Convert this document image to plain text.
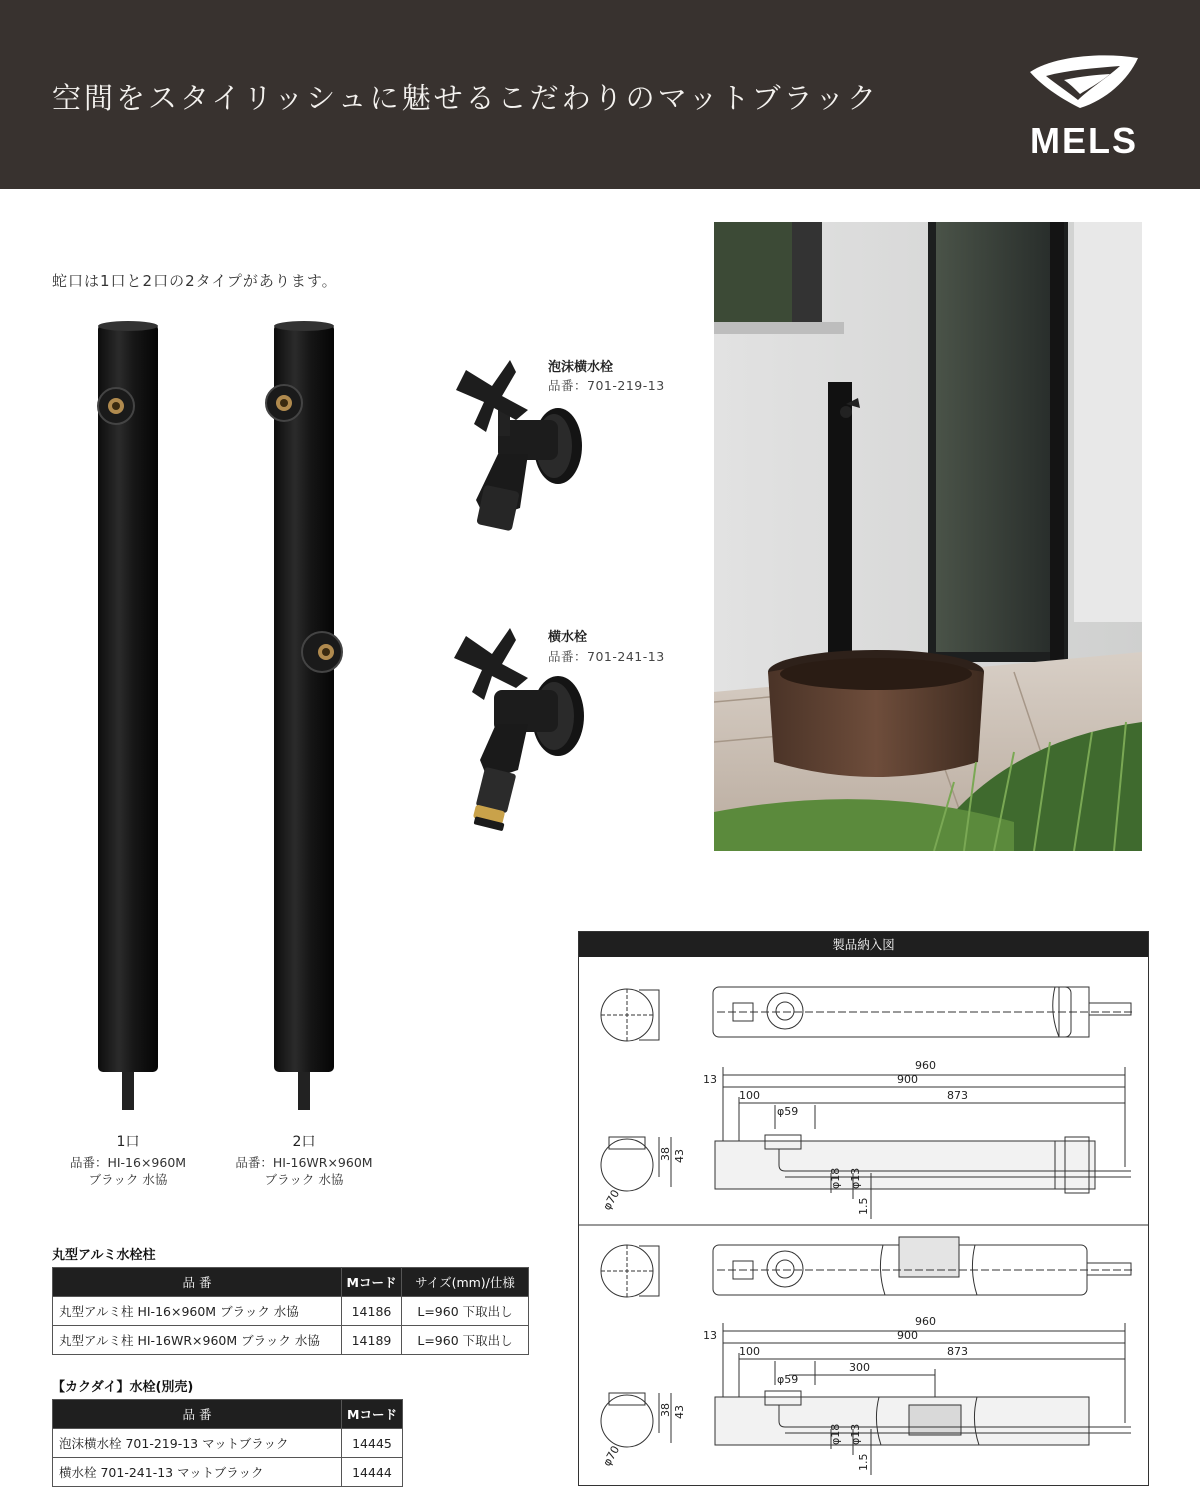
空間をスタイリッシュに魅せるこだわりのマットブラック
MELS

蛇口は1口と2口の2タイプがあります。

1口
品番：HI-16×960M
ブラック 水協
2口
品番：HI-16WR×960M
ブラック 水協
泡沫横水栓
品番：701-219-13
横水栓
品番：701-241-13
丸型アルミ水栓柱
品 番	Mコード	サイズ(mm)/仕様
丸型アルミ柱 HI-16×960M ブラック 水協	14186	L=960 下取出し
丸型アルミ柱 HI-16WR×960M ブラック 水協	14189	L=960 下取出し
【カクダイ】水栓(別売)
品 番	Mコード
泡沫横水栓 701-219-13 マットブラック	14445
横水栓 701-241-13 マットブラック	14444
製品納入図
960
13	900
100	873
φ59
38 43
φ18 φ13
1.5
φ70
960
13	900
100	873
φ59
300
38 43
φ18 φ13
1.5
φ70
